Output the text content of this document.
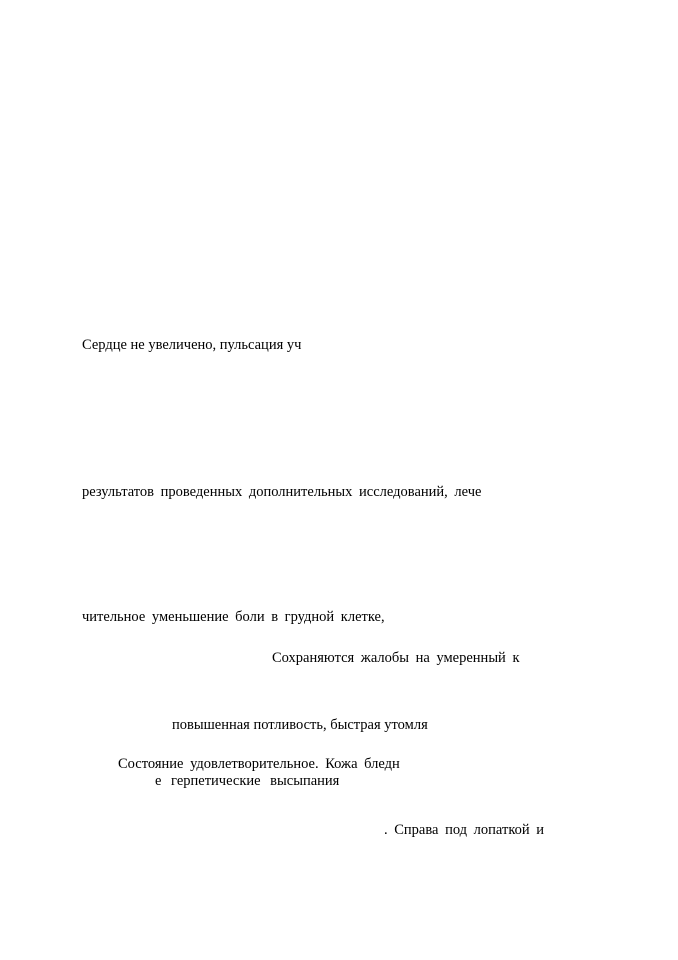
Сердце не увеличено, пульсация уч
результатов проведенных дополнительных исследований, лече
чительное уменьшение боли в грудной клетке,
Сохраняются жалобы на умеренный к
повышенная потливость, быстрая утомля
Состояние удовлетворительное. Кожа бледн
е герпетические высыпания
. Справа под лопаткой и
